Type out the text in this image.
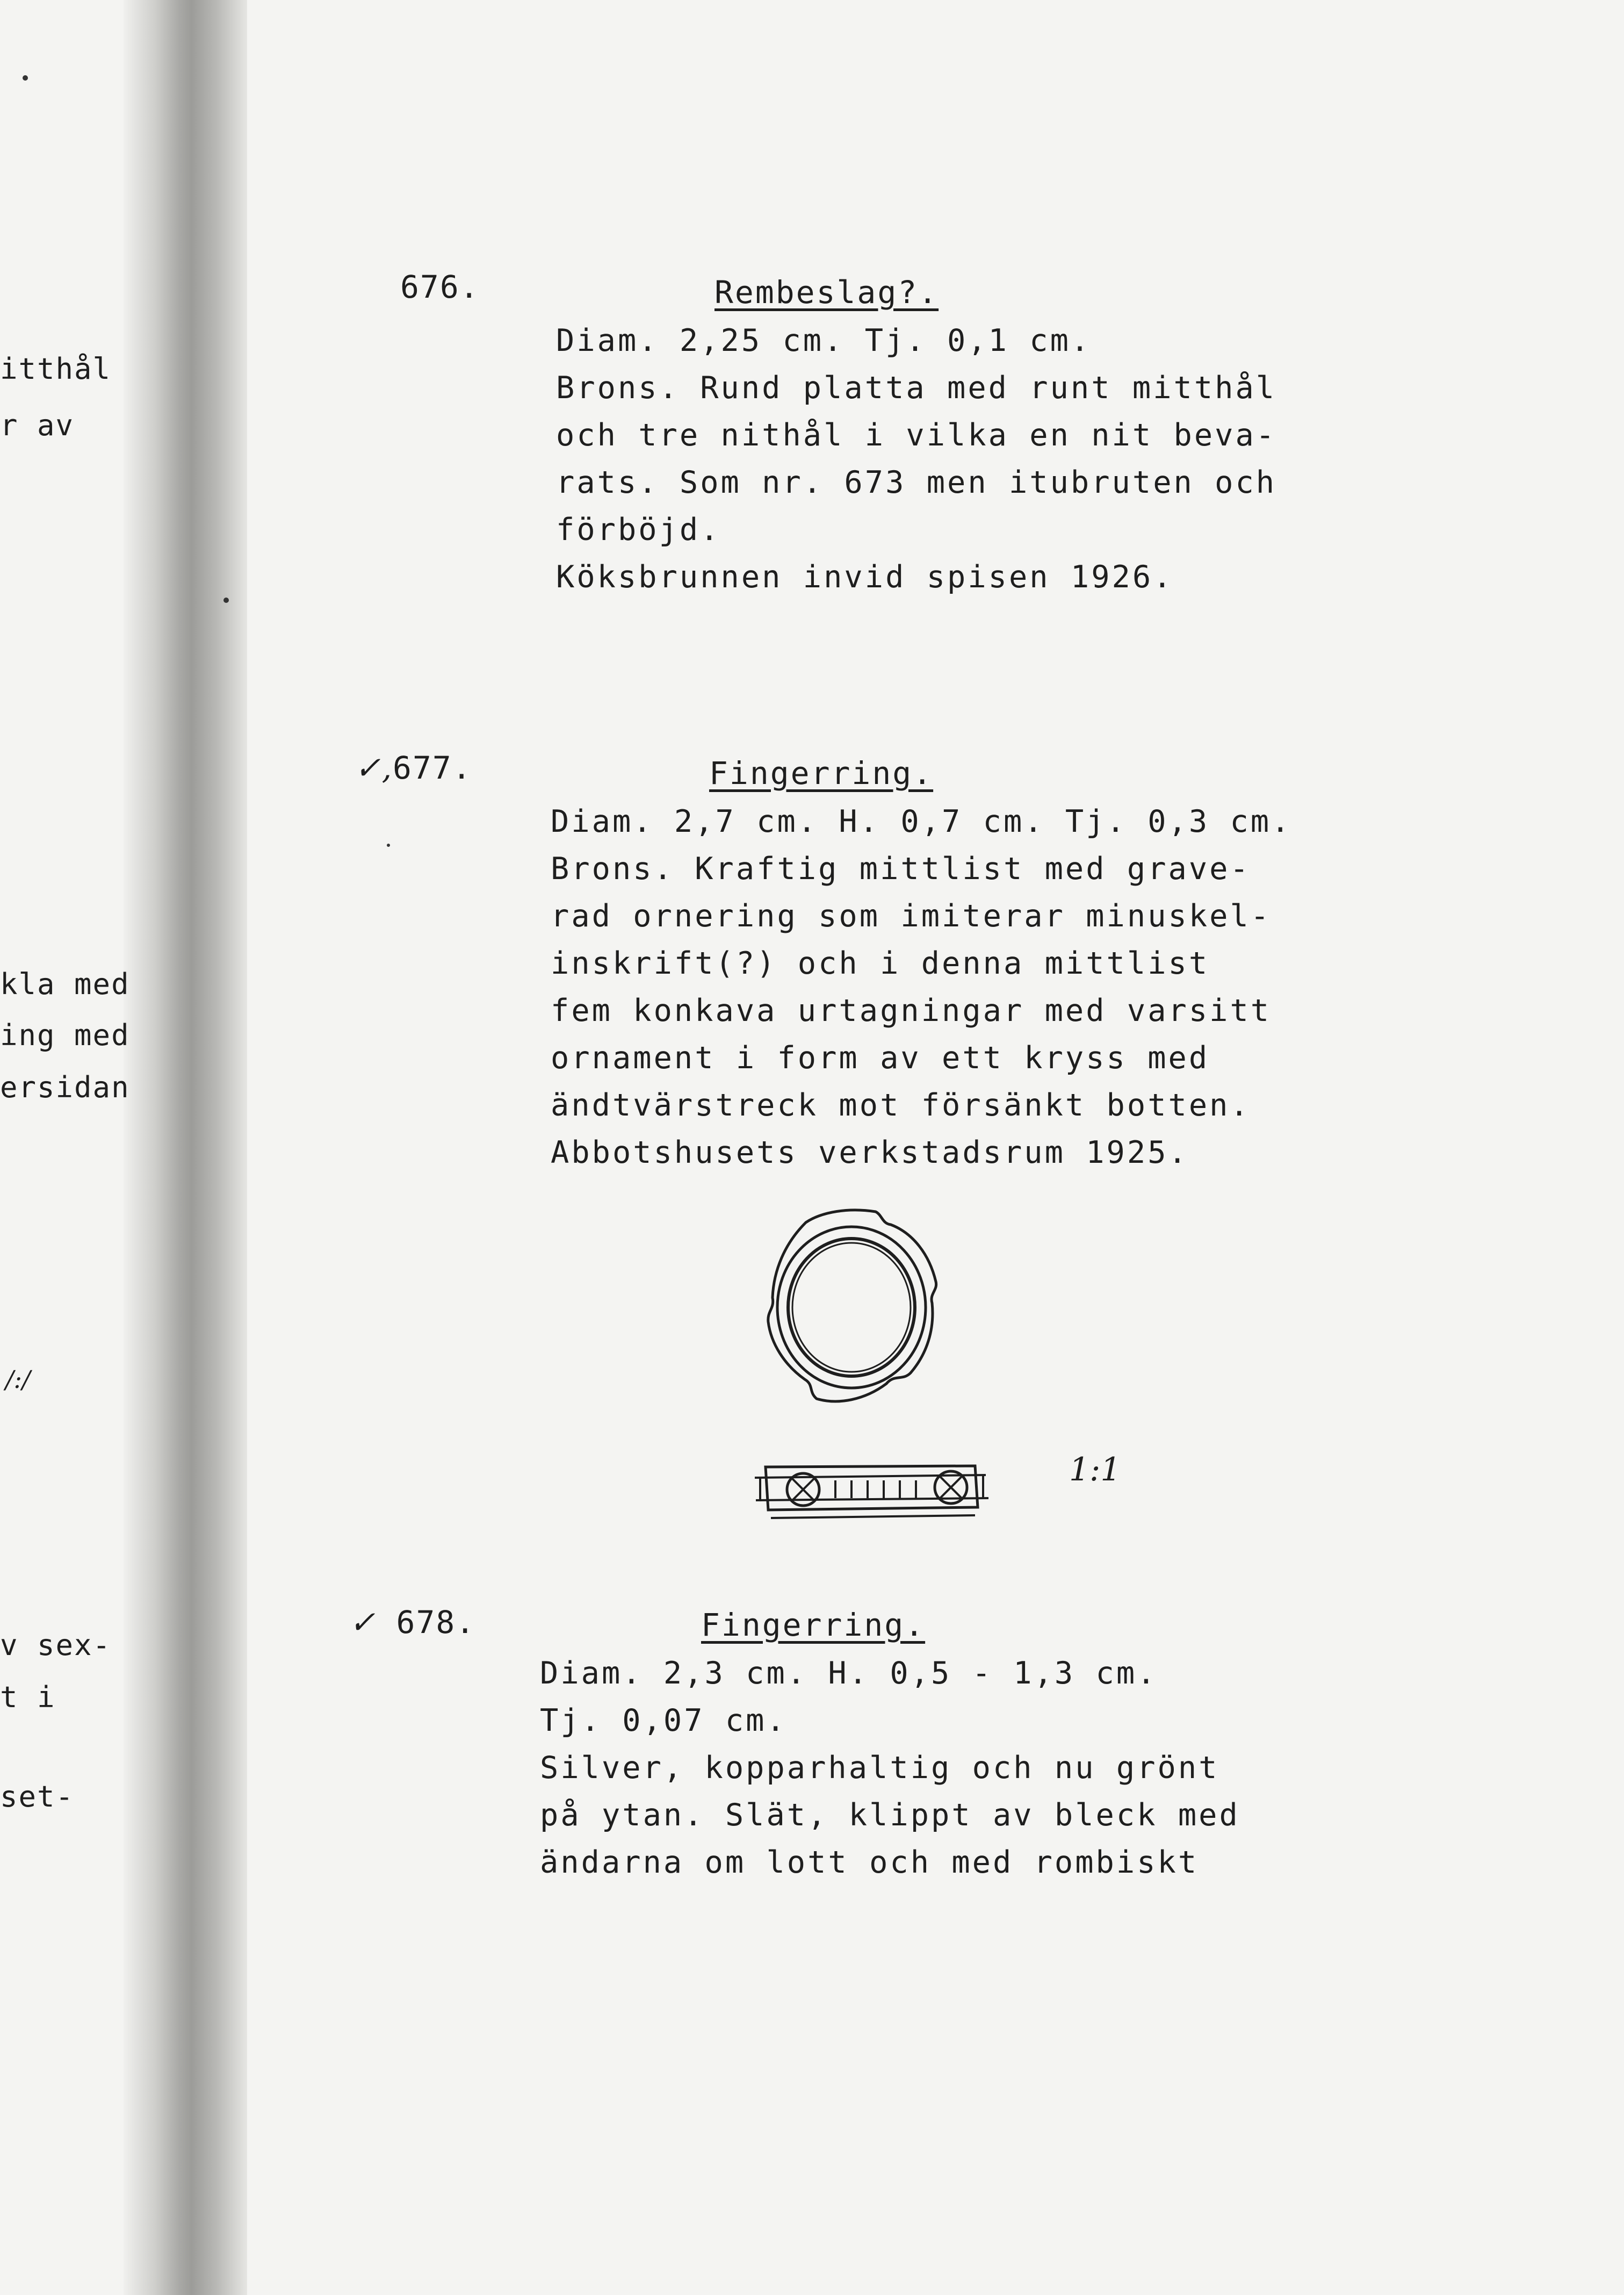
itthål
r av
kla med
ing med
ersidan
v sex-
t i
set-
/:/
676.	Rembeslag?.
Diam. 2,25 cm. Tj. 0,1 cm.
Brons. Rund platta med runt mitthål
och tre nithål i vilka en nit beva-
rats. Som nr. 673 men itubruten och
förböjd.
Köksbrunnen invid spisen 1926.
✓,677.	Fingerring.
Diam. 2,7 cm. H. 0,7 cm. Tj. 0,3 cm.
Brons. Kraftig mittlist med grave-
rad ornering som imiterar minuskel-
inskrift(?) och i denna mittlist
fem konkava urtagningar med varsitt
ornament i form av ett kryss med
ändtvärstreck mot försänkt botten.
Abbotshusets verkstadsrum 1925.
1:1
✓ 678.	Fingerring.
Diam. 2,3 cm. H. 0,5 - 1,3 cm.
Tj. 0,07 cm.
Silver, kopparhaltig och nu grönt
på ytan. Slät, klippt av bleck med
ändarna om lott och med rombiskt
